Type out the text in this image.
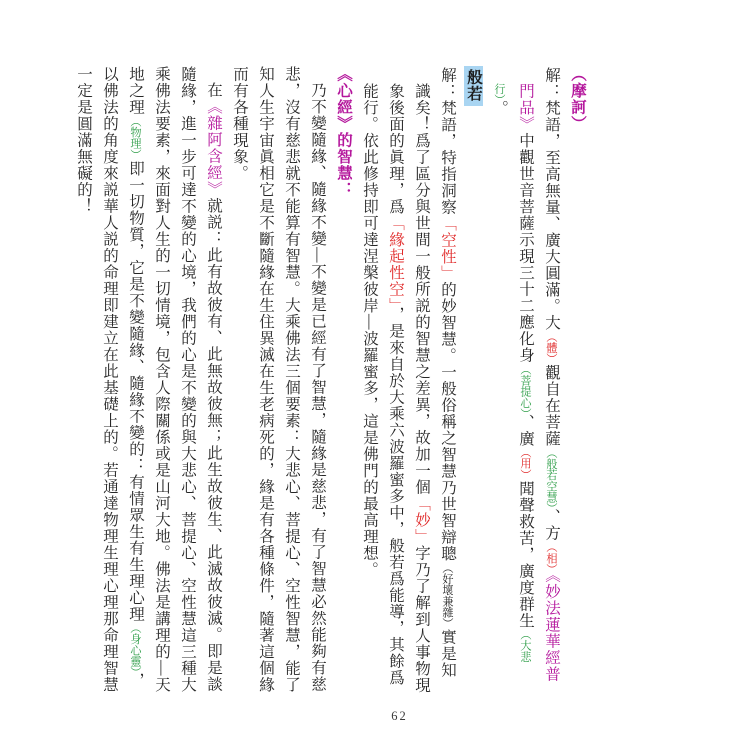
（摩訶）
解：梵語，至高無量、廣大圓滿。大（體）觀自在菩薩（般若空慧）、方（相）《妙法蓮華經普門品》中觀世音菩薩示現三十二應化身（菩提心）、廣（用）聞聲救苦，廣度群生（大悲行）。
般若
解：梵語，特指洞察「空性」的妙智慧。一般俗稱之智慧乃世智辯聰（好壞兼雜）實是知識矣！爲了區分與世間一般所説的智慧之差異，故加一個「妙」字乃了解到人事物現象後面的眞理，爲「緣起性空」，是來自於大乘六波羅蜜多中，般若爲能導，其餘爲能行。依此修持即可達涅槃彼岸—波羅蜜多，這是佛門的最高理想。
《心經》的智慧：
乃不變隨緣、隨緣不變—不變是已經有了智慧，隨緣是慈悲，有了智慧必然能夠有慈悲，沒有慈悲就不能算有智慧。大乘佛法三個要素：大悲心、菩提心、空性智慧，能了知人生宇宙眞相它是不斷隨緣在生住異滅在生老病死的，緣是有各種條件，隨著這個緣而有各種現象。
在《雜阿含經》就説：此有故彼有、此無故彼無；此生故彼生、此滅故彼滅。即是談隨緣，進一步可達不變的心境，我們的心是不變的與大悲心、菩提心、空性慧這三種大乘佛法要素，來面對人生的一切情境，包含人際關係或是山河大地。佛法是講理的—天地之理（物理）即一切物質，它是不變隨緣、隨緣不變的：有情眾生有生理心理（身心靈），以佛法的角度來説華人説的命理即建立在此基礎上的。若通達物理生理心理那命理智慧一定是圓滿無礙的！
62
